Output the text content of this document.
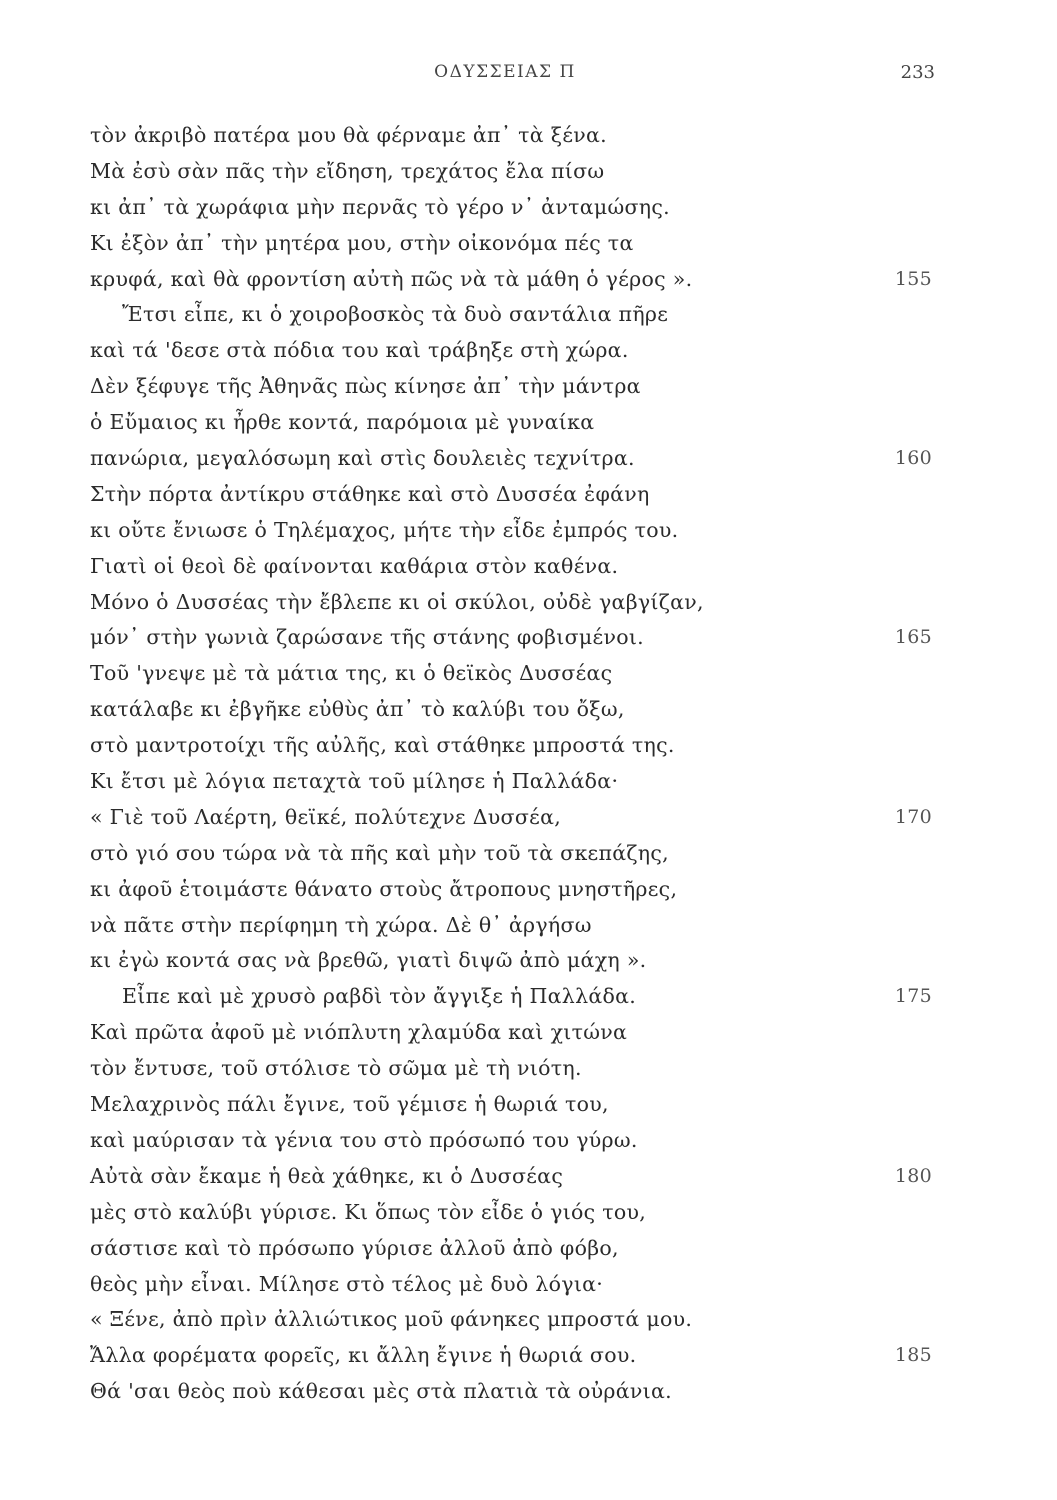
ΟΔΥΣΣΕΙΑΣ Π	233
τὸν ἀκριβὸ πατέρα μου θὰ φέρναμε ἀπ᾽ τὰ ξένα.
Μὰ ἐσὺ σὰν πᾶς τὴν εἴδηση, τρεχάτος ἔλα πίσω
κι ἀπ᾽ τὰ χωράφια μὴν περνᾶς τὸ γέρο ν᾽ ἀνταμώσης.
Κι ἐξὸν ἀπ᾽ τὴν μητέρα μου, στὴν οἰκονόμα πές τα
κρυφά, καὶ θὰ φροντίση αὐτὴ πῶς νὰ τὰ μάθη ὁ γέρος ».	155
Ἔτσι εἶπε, κι ὁ χοιροβοσκὸς τὰ δυὸ σαντάλια πῆρε
καὶ τά 'δεσε στὰ πόδια του καὶ τράβηξε στὴ χώρα.
Δὲν ξέφυγε τῆς Ἀθηνᾶς πὼς κίνησε ἀπ᾽ τὴν μάντρα
ὁ Εὔμαιος κι ἦρθε κοντά, παρόμοια μὲ γυναίκα
πανώρια, μεγαλόσωμη καὶ στὶς δουλειὲς τεχνίτρα.	160
Στὴν πόρτα ἀντίκρυ στάθηκε καὶ στὸ Δυσσέα ἐφάνη
κι οὔτε ἔνιωσε ὁ Τηλέμαχος, μήτε τὴν εἶδε ἐμπρός του.
Γιατὶ οἱ θεοὶ δὲ φαίνονται καθάρια στὸν καθένα.
Μόνο ὁ Δυσσέας τὴν ἔβλεπε κι οἱ σκύλοι, οὐδὲ γαβγίζαν,
μόν᾽ στὴν γωνιὰ ζαρώσανε τῆς στάνης φοβισμένοι.	165
Τοῦ 'γνεψε μὲ τὰ μάτια της, κι ὁ θεϊκὸς Δυσσέας
κατάλαβε κι ἐβγῆκε εὐθὺς ἀπ᾽ τὸ καλύβι του ὄξω,
στὸ μαντροτοίχι τῆς αὐλῆς, καὶ στάθηκε μπροστά της.
Κι ἔτσι μὲ λόγια πεταχτὰ τοῦ μίλησε ἡ Παλλάδα·
« Γιὲ τοῦ Λαέρτη, θεϊκέ, πολύτεχνε Δυσσέα,	170
στὸ γιό σου τώρα νὰ τὰ πῆς καὶ μὴν τοῦ τὰ σκεπάζης,
κι ἀφοῦ ἑτοιμάστε θάνατο στοὺς ἄτροπους μνηστῆρες,
νὰ πᾶτε στὴν περίφημη τὴ χώρα. Δὲ θ᾽ ἀργήσω
κι ἐγὼ κοντά σας νὰ βρεθῶ, γιατὶ διψῶ ἀπὸ μάχη ».
Εἶπε καὶ μὲ χρυσὸ ραβδὶ τὸν ἄγγιξε ἡ Παλλάδα.	175
Καὶ πρῶτα ἀφοῦ μὲ νιόπλυτη χλαμύδα καὶ χιτώνα
τὸν ἔντυσε, τοῦ στόλισε τὸ σῶμα μὲ τὴ νιότη.
Μελαχρινὸς πάλι ἔγινε, τοῦ γέμισε ἡ θωριά του,
καὶ μαύρισαν τὰ γένια του στὸ πρόσωπό του γύρω.
Αὐτὰ σὰν ἔκαμε ἡ θεὰ χάθηκε, κι ὁ Δυσσέας	180
μὲς στὸ καλύβι γύρισε. Κι ὅπως τὸν εἶδε ὁ γιός του,
σάστισε καὶ τὸ πρόσωπο γύρισε ἀλλοῦ ἀπὸ φόβο,
θεὸς μὴν εἶναι. Μίλησε στὸ τέλος μὲ δυὸ λόγια·
« Ξένε, ἀπὸ πρὶν ἀλλιώτικος μοῦ φάνηκες μπροστά μου.
Ἄλλα φορέματα φορεῖς, κι ἄλλη ἔγινε ἡ θωριά σου.	185
Θά 'σαι θεὸς ποὺ κάθεσαι μὲς στὰ πλατιὰ τὰ οὐράνια.
